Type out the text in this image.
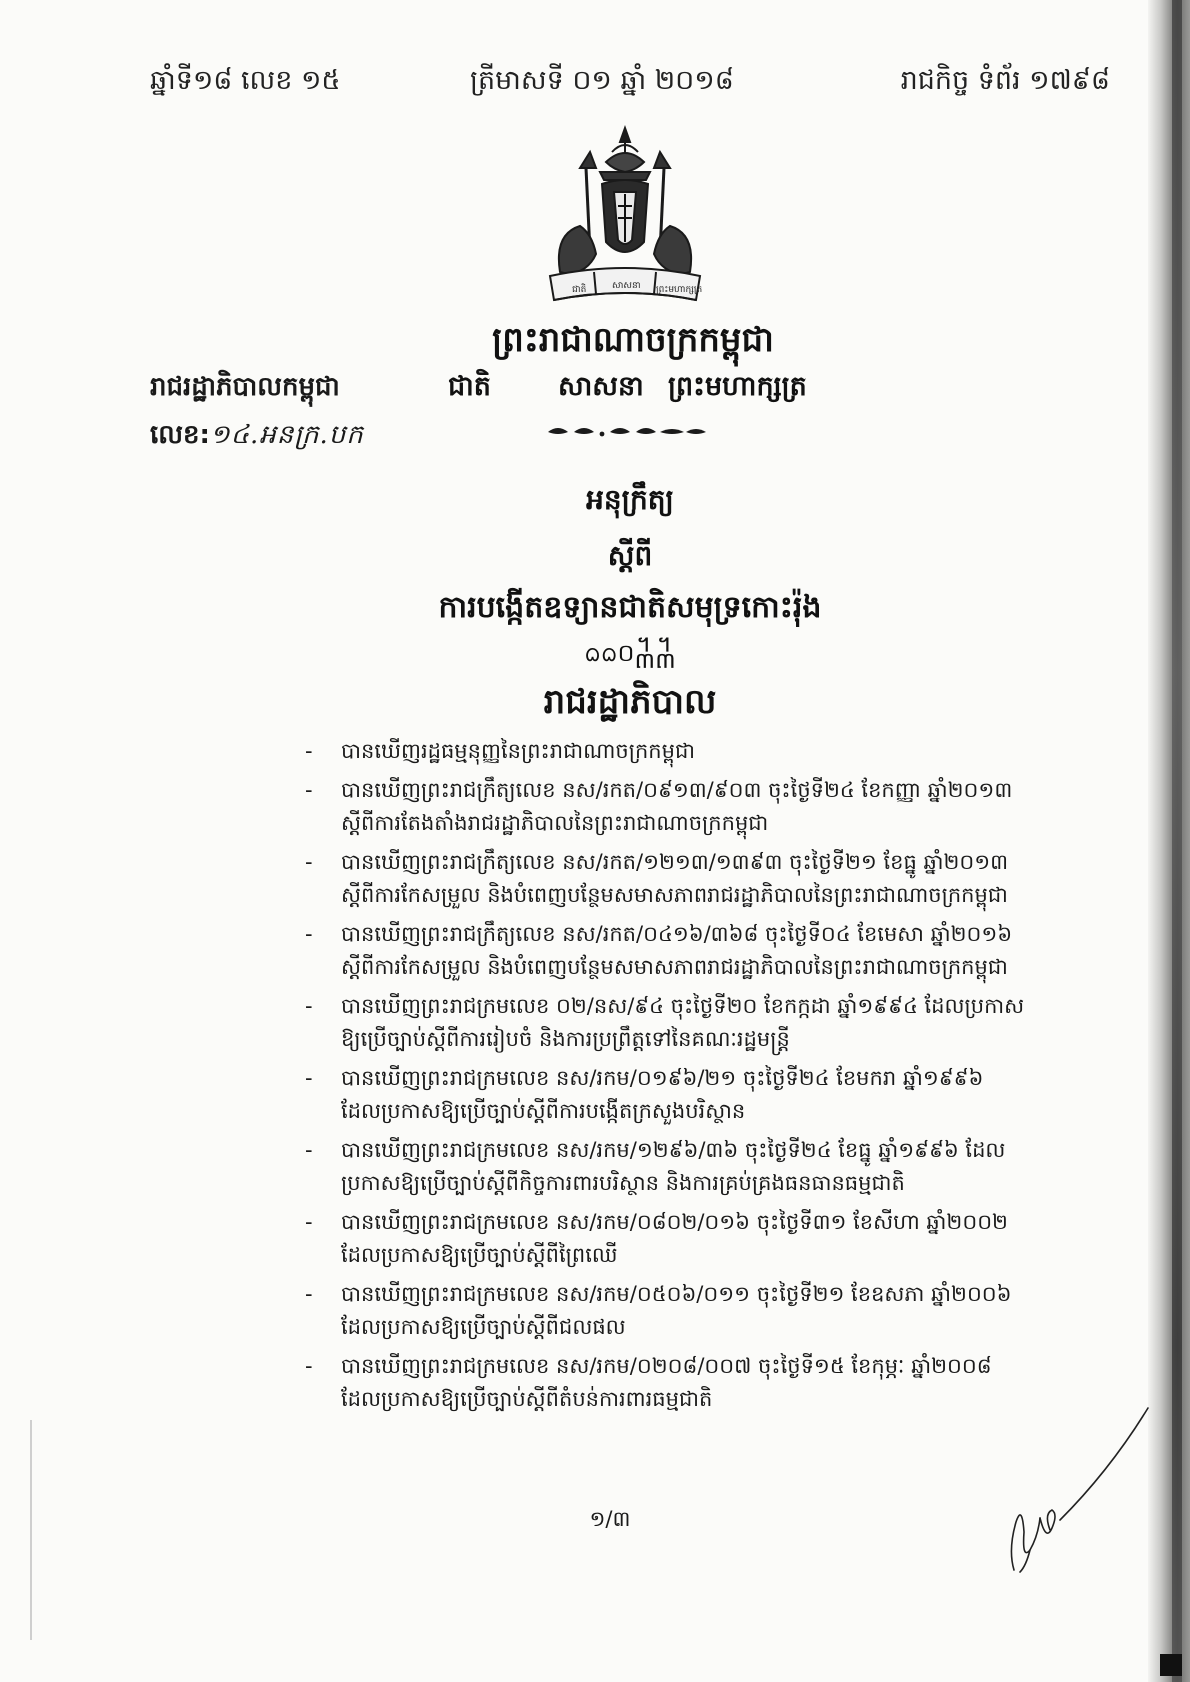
ឆ្នាំទី១៨ លេខ ១៥	ត្រីមាសទី ០១ ឆ្នាំ ២០១៨	រាជកិច្ច ទំព័រ ១៧៩៨
ជាតិ	សាសនា ព្រះមហាក្សត្រ
ព្រះរាជាណាចក្រកម្ពុជា
ជាតិ សាសនា ព្រះមហាក្សត្រ
រាជរដ្ឋាភិបាលកម្ពុជា
លេខ:១៤.អនក្រ.បក
អនុក្រឹត្យ
ស្ដីពី
ការបង្កើតឧទ្យានជាតិសមុទ្រកោះរ៉ុង
ᨵᨵ០᧳᧳
រាជរដ្ឋាភិបាល
- បានឃើញរដ្ឋធម្មនុញ្ញនៃព្រះរាជាណាចក្រកម្ពុជា
- បានឃើញព្រះរាជក្រឹត្យលេខ នស/រកត/០៩១៣/៩០៣ ចុះថ្ងៃទី២៤ ខែកញ្ញា ឆ្នាំ២០១៣
ស្ដីពីការតែងតាំងរាជរដ្ឋាភិបាលនៃព្រះរាជាណាចក្រកម្ពុជា
- បានឃើញព្រះរាជក្រឹត្យលេខ នស/រកត/១២១៣/១៣៩៣ ចុះថ្ងៃទី២១ ខែធ្នូ ឆ្នាំ២០១៣
ស្ដីពីការកែសម្រួល និងបំពេញបន្ថែមសមាសភាពរាជរដ្ឋាភិបាលនៃព្រះរាជាណាចក្រកម្ពុជា
- បានឃើញព្រះរាជក្រឹត្យលេខ នស/រកត/០៤១៦/៣៦៨ ចុះថ្ងៃទី០៤ ខែមេសា ឆ្នាំ២០១៦
ស្ដីពីការកែសម្រួល និងបំពេញបន្ថែមសមាសភាពរាជរដ្ឋាភិបាលនៃព្រះរាជាណាចក្រកម្ពុជា
- បានឃើញព្រះរាជក្រមលេខ ០២/នស/៩៤ ចុះថ្ងៃទី២០ ខែកក្កដា ឆ្នាំ១៩៩៤ ដែលប្រកាស
ឱ្យប្រើច្បាប់ស្ដីពីការរៀបចំ និងការប្រព្រឹត្តទៅនៃគណៈរដ្ឋមន្ត្រី
- បានឃើញព្រះរាជក្រមលេខ នស/រកម/០១៩៦/២១ ចុះថ្ងៃទី២៤ ខែមករា ឆ្នាំ១៩៩៦
ដែលប្រកាសឱ្យប្រើច្បាប់ស្ដីពីការបង្កើតក្រសួងបរិស្ថាន
- បានឃើញព្រះរាជក្រមលេខ នស/រកម/១២៩៦/៣៦ ចុះថ្ងៃទី២៤ ខែធ្នូ ឆ្នាំ១៩៩៦ ដែល
ប្រកាសឱ្យប្រើច្បាប់ស្ដីពីកិច្ចការពារបរិស្ថាន និងការគ្រប់គ្រងធនធានធម្មជាតិ
- បានឃើញព្រះរាជក្រមលេខ នស/រកម/០៨០២/០១៦ ចុះថ្ងៃទី៣១ ខែសីហា ឆ្នាំ២០០២
ដែលប្រកាសឱ្យប្រើច្បាប់ស្ដីពីព្រៃឈើ
- បានឃើញព្រះរាជក្រមលេខ នស/រកម/០៥០៦/០១១ ចុះថ្ងៃទី២១ ខែឧសភា ឆ្នាំ២០០៦
ដែលប្រកាសឱ្យប្រើច្បាប់ស្ដីពីជលផល
- បានឃើញព្រះរាជក្រមលេខ នស/រកម/០២០៨/០០៧ ចុះថ្ងៃទី១៥ ខែកុម្ភៈ ឆ្នាំ២០០៨
ដែលប្រកាសឱ្យប្រើច្បាប់ស្ដីពីតំបន់ការពារធម្មជាតិ
១/៣
